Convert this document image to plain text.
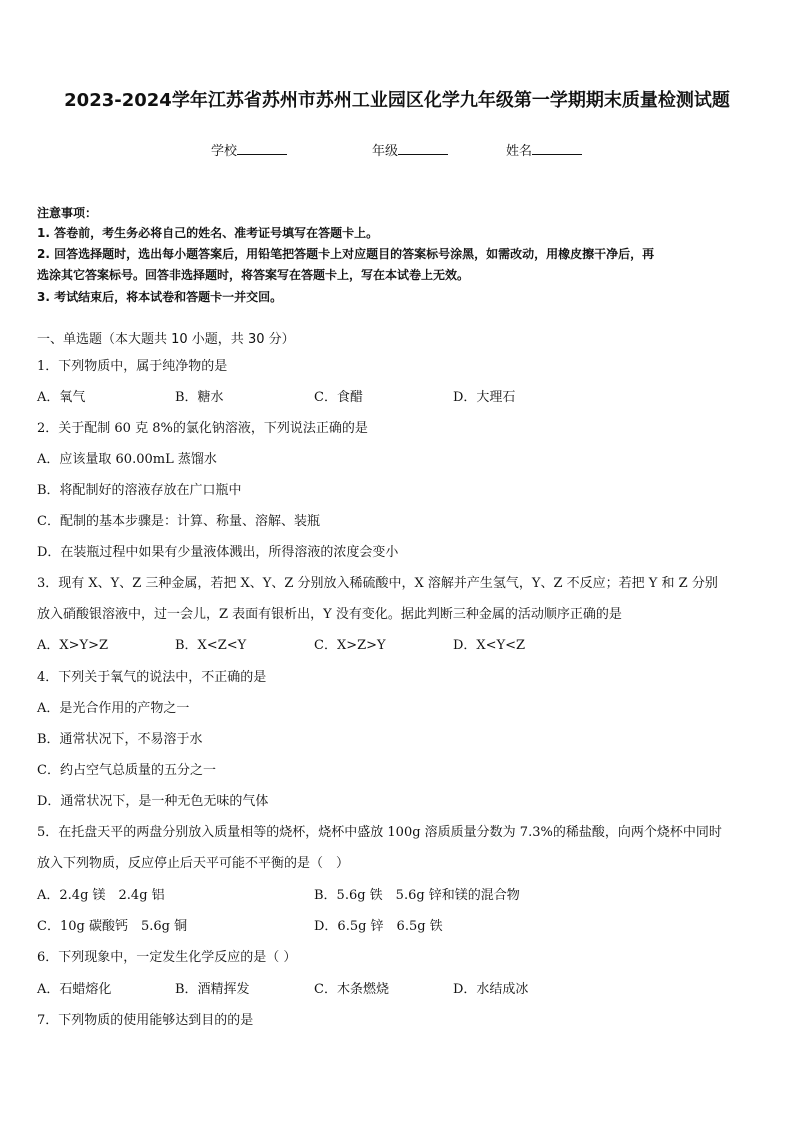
2023-2024学年江苏省苏州市苏州工业园区化学九年级第一学期期末质量检测试题
学校	年级	姓名
注意事项：
1. 答卷前，考生务必将自己的姓名、准考证号填写在答题卡上。
2. 回答选择题时，选出每小题答案后，用铅笔把答题卡上对应题目的答案标号涂黑，如需改动，用橡皮擦干净后，再
选涂其它答案标号。回答非选择题时，将答案写在答题卡上，写在本试卷上无效。
3. 考试结束后，将本试卷和答题卡一并交回。
一、单选题（本大题共 10 小题，共 30 分）
1．下列物质中，属于纯净物的是
A．氧气	B．糖水	C．食醋	D．大理石
2．关于配制 60 克 8%的氯化钠溶液，下列说法正确的是
A．应该量取 60.00mL 蒸馏水
B．将配制好的溶液存放在广口瓶中
C．配制的基本步骤是：计算、称量、溶解、装瓶
D．在装瓶过程中如果有少量液体溅出，所得溶液的浓度会变小
3．现有 X、Y、Z 三种金属，若把 X、Y、Z 分别放入稀硫酸中，X 溶解并产生氢气，Y、Z 不反应；若把 Y 和 Z 分别
放入硝酸银溶液中，过一会儿，Z 表面有银析出，Y 没有变化。据此判断三种金属的活动顺序正确的是
A．X>Y>Z	B．X<Z<Y	C．X>Z>Y	D．X<Y<Z
4．下列关于氧气的说法中，不正确的是
A．是光合作用的产物之一
B．通常状况下，不易溶于水
C．约占空气总质量的五分之一
D．通常状况下，是一种无色无味的气体
5．在托盘天平的两盘分别放入质量相等的烧杯，烧杯中盛放 100g 溶质质量分数为 7.3%的稀盐酸，向两个烧杯中同时
放入下列物质，反应停止后天平可能不平衡的是（　）
A．2.4g 镁　2.4g 铝	B．5.6g 铁　5.6g 锌和镁的混合物
C．10g 碳酸钙　5.6g 铜	D．6.5g 锌　6.5g 铁
6．下列现象中，一定发生化学反应的是（ ）
A．石蜡熔化	B．酒精挥发	C．木条燃烧	D．水结成冰
7．下列物质的使用能够达到目的的是
